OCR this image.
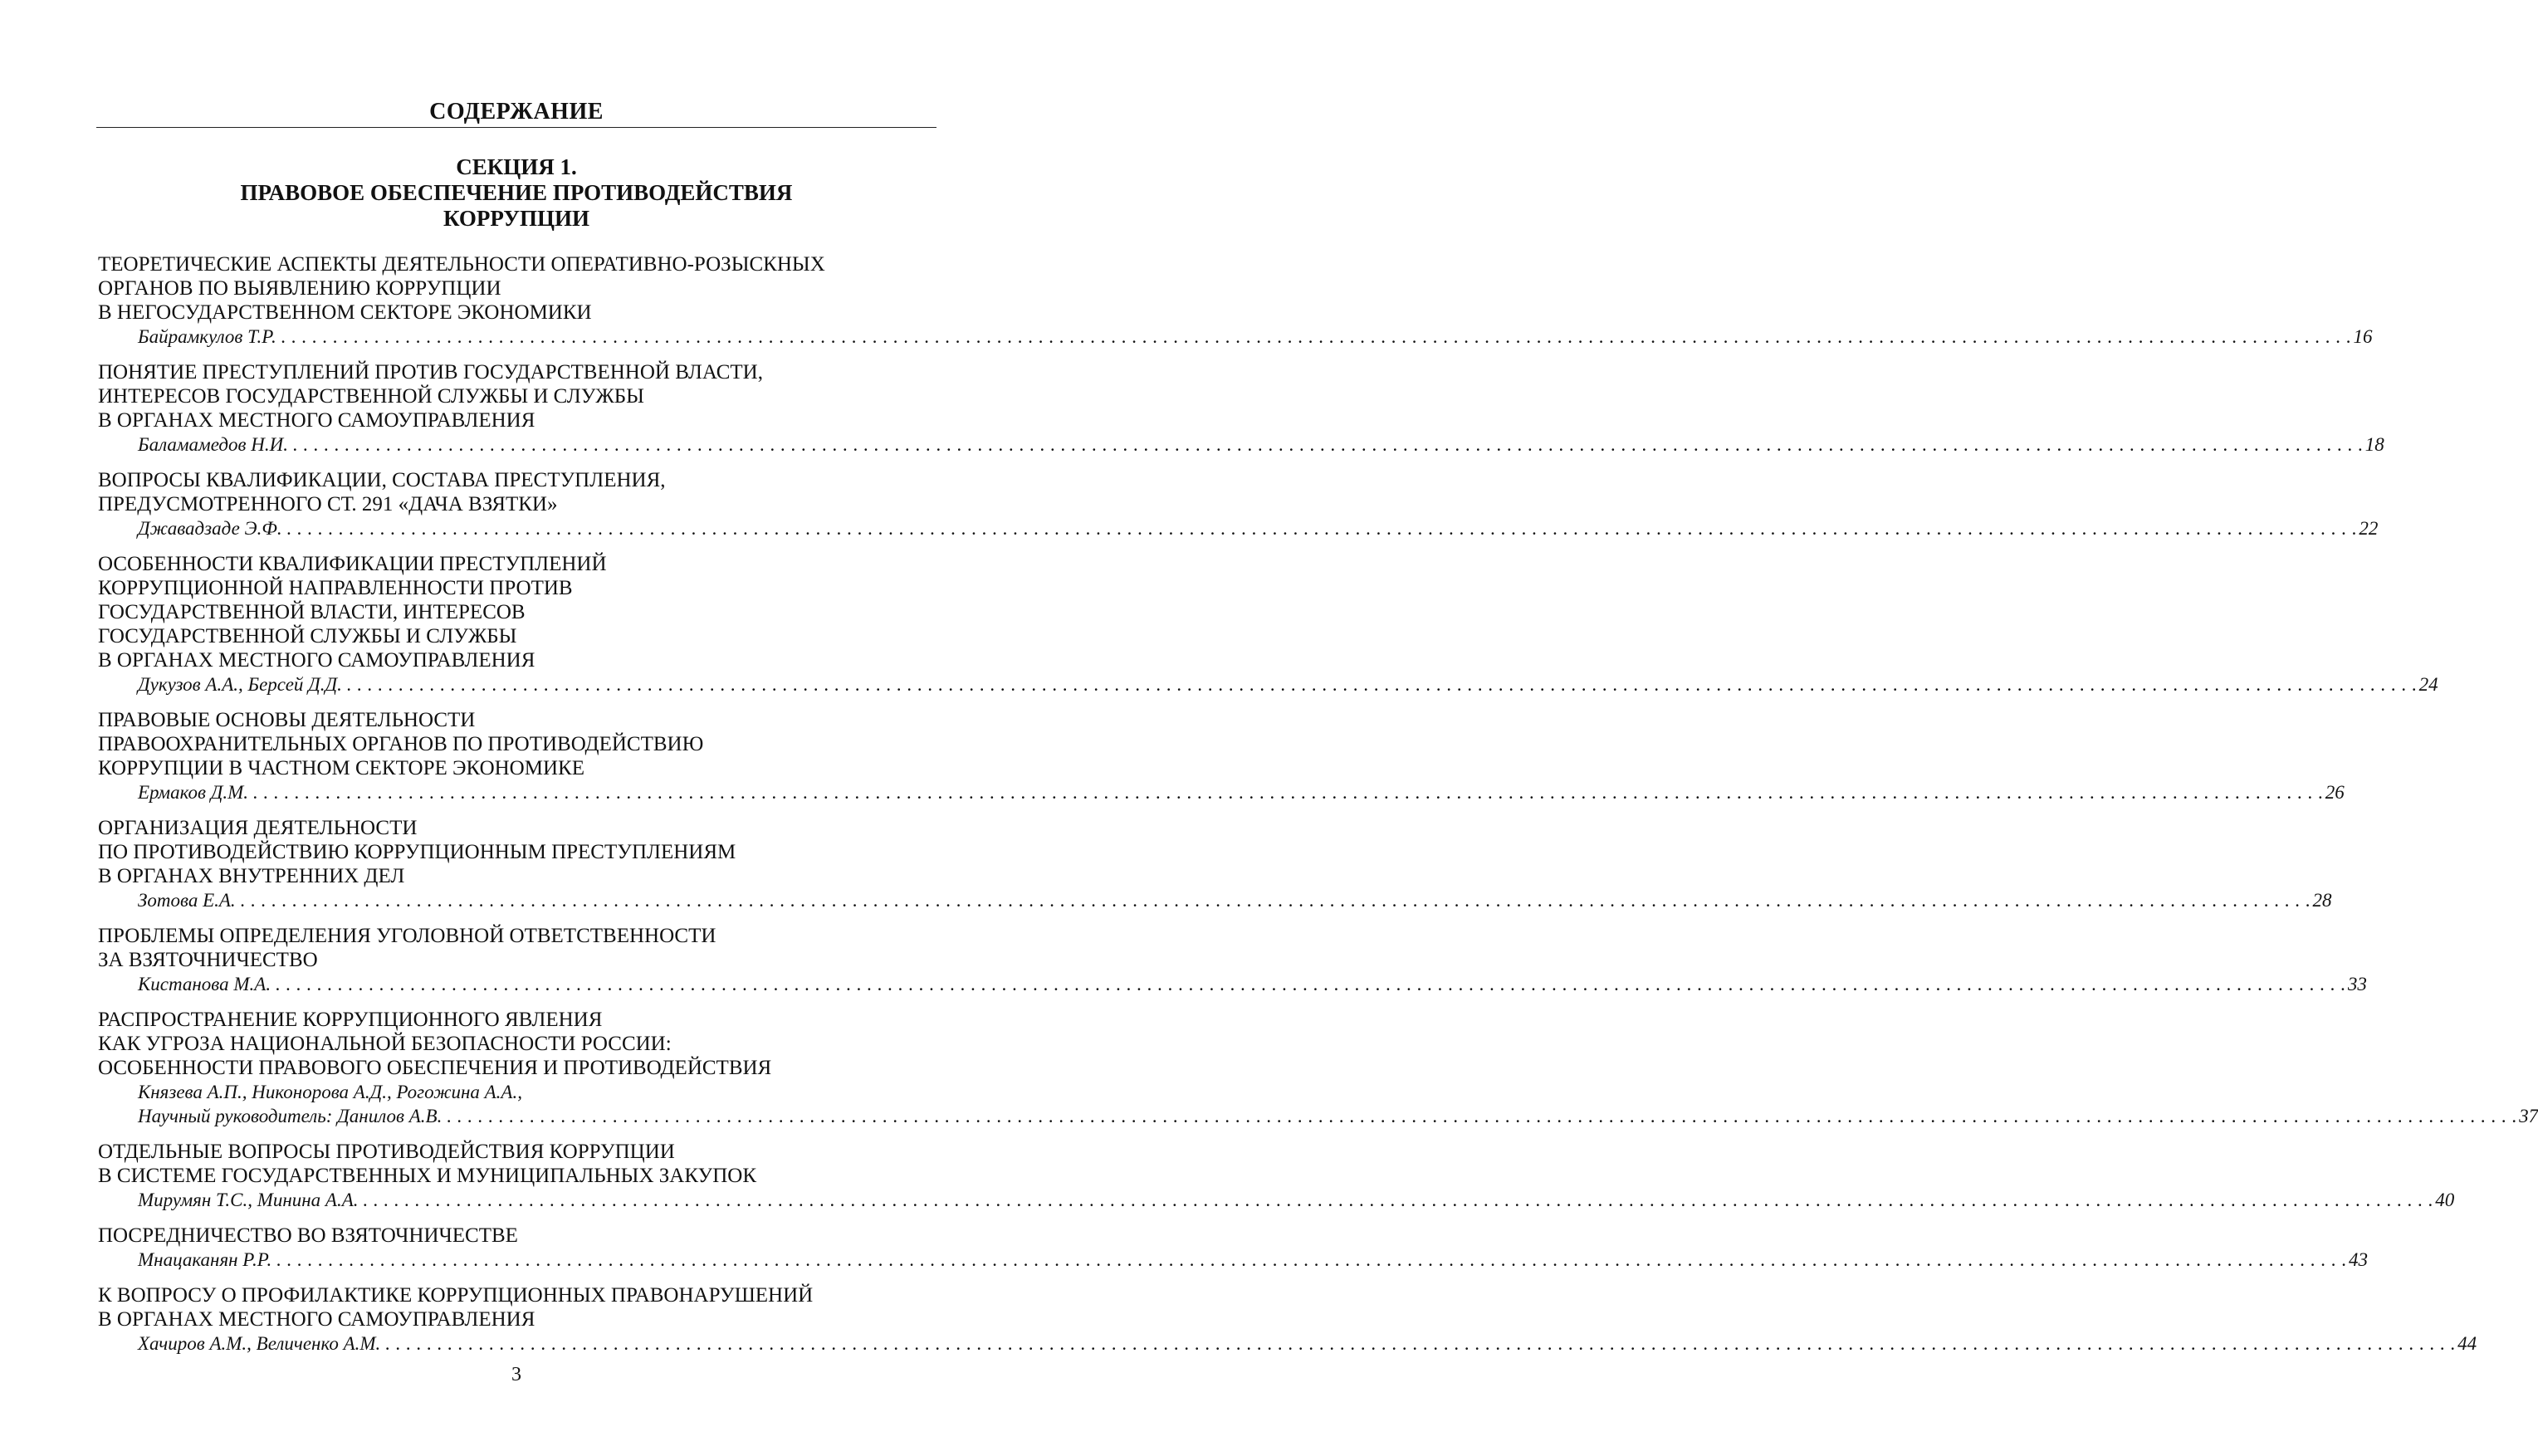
СОДЕРЖАНИЕ
СЕКЦИЯ 1.
ПРАВОВОЕ ОБЕСПЕЧЕНИЕ ПРОТИВОДЕЙСТВИЯ
КОРРУПЦИИ
ТЕОРЕТИЧЕСКИЕ АСПЕКТЫ ДЕЯТЕЛЬНОСТИ ОПЕРАТИВНО-РОЗЫСКНЫХ
ОРГАНОВ ПО ВЫЯВЛЕНИЮ КОРРУПЦИИ
В НЕГОСУДАРСТВЕННОМ СЕКТОРЕ ЭКОНОМИКИ
Байрамкулов Т.Р. . . . . . . . . . . . . . . . . . . . . . . . . . . . . . . . . . . . . . . . . . . . . . . . . . . . . . . . . . . . . . . . . . . . . . . . . . . . . . . . . . . . . . . . . . . . . . . . . . . . . . . . . . . . . . . . . . . . . . . . . . . . . . . . . . . . . . . . . . . . . . . . . . . . . . . . . . . . . . . . . . . . . . . . . . . . . . . . . . . . . . . . . . . . . . . . . . . . . . . . . 16
ПОНЯТИЕ ПРЕСТУПЛЕНИЙ ПРОТИВ ГОСУДАРСТВЕННОЙ ВЛАСТИ,
ИНТЕРЕСОВ ГОСУДАРСТВЕННОЙ СЛУЖБЫ И СЛУЖБЫ
В ОРГАНАХ МЕСТНОГО САМОУПРАВЛЕНИЯ
Баламамедов Н.И. . . . . . . . . . . . . . . . . . . . . . . . . . . . . . . . . . . . . . . . . . . . . . . . . . . . . . . . . . . . . . . . . . . . . . . . . . . . . . . . . . . . . . . . . . . . . . . . . . . . . . . . . . . . . . . . . . . . . . . . . . . . . . . . . . . . . . . . . . . . . . . . . . . . . . . . . . . . . . . . . . . . . . . . . . . . . . . . . . . . . . . . . . . . . . . . . . . . . . . . . 18
ВОПРОСЫ КВАЛИФИКАЦИИ, СОСТАВА ПРЕСТУПЛЕНИЯ,
ПРЕДУСМОТРЕННОГО СТ. 291 «ДАЧА ВЗЯТКИ»
Джавадзаде Э.Ф. . . . . . . . . . . . . . . . . . . . . . . . . . . . . . . . . . . . . . . . . . . . . . . . . . . . . . . . . . . . . . . . . . . . . . . . . . . . . . . . . . . . . . . . . . . . . . . . . . . . . . . . . . . . . . . . . . . . . . . . . . . . . . . . . . . . . . . . . . . . . . . . . . . . . . . . . . . . . . . . . . . . . . . . . . . . . . . . . . . . . . . . . . . . . . . . . . . . . . . . . 22
ОСОБЕННОСТИ КВАЛИФИКАЦИИ ПРЕСТУПЛЕНИЙ
КОРРУПЦИОННОЙ НАПРАВЛЕННОСТИ ПРОТИВ
ГОСУДАРСТВЕННОЙ ВЛАСТИ, ИНТЕРЕСОВ
ГОСУДАРСТВЕННОЙ СЛУЖБЫ И СЛУЖБЫ
В ОРГАНАХ МЕСТНОГО САМОУПРАВЛЕНИЯ
Дукузов А.А., Берсей Д.Д. . . . . . . . . . . . . . . . . . . . . . . . . . . . . . . . . . . . . . . . . . . . . . . . . . . . . . . . . . . . . . . . . . . . . . . . . . . . . . . . . . . . . . . . . . . . . . . . . . . . . . . . . . . . . . . . . . . . . . . . . . . . . . . . . . . . . . . . . . . . . . . . . . . . . . . . . . . . . . . . . . . . . . . . . . . . . . . . . . . . . . . . . . . . . . . . . . . . . . . . . 24
ПРАВОВЫЕ ОСНОВЫ ДЕЯТЕЛЬНОСТИ
ПРАВООХРАНИТЕЛЬНЫХ ОРГАНОВ ПО ПРОТИВОДЕЙСТВИЮ
КОРРУПЦИИ В ЧАСТНОМ СЕКТОРЕ ЭКОНОМИКЕ
Ермаков Д.М. . . . . . . . . . . . . . . . . . . . . . . . . . . . . . . . . . . . . . . . . . . . . . . . . . . . . . . . . . . . . . . . . . . . . . . . . . . . . . . . . . . . . . . . . . . . . . . . . . . . . . . . . . . . . . . . . . . . . . . . . . . . . . . . . . . . . . . . . . . . . . . . . . . . . . . . . . . . . . . . . . . . . . . . . . . . . . . . . . . . . . . . . . . . . . . . . . . . . . . . . 26
ОРГАНИЗАЦИЯ ДЕЯТЕЛЬНОСТИ
ПО ПРОТИВОДЕЙСТВИЮ КОРРУПЦИОННЫМ ПРЕСТУПЛЕНИЯМ
В ОРГАНАХ ВНУТРЕННИХ ДЕЛ
Зотова Е.А. . . . . . . . . . . . . . . . . . . . . . . . . . . . . . . . . . . . . . . . . . . . . . . . . . . . . . . . . . . . . . . . . . . . . . . . . . . . . . . . . . . . . . . . . . . . . . . . . . . . . . . . . . . . . . . . . . . . . . . . . . . . . . . . . . . . . . . . . . . . . . . . . . . . . . . . . . . . . . . . . . . . . . . . . . . . . . . . . . . . . . . . . . . . . . . . . . . . . . . . . 28
ПРОБЛЕМЫ ОПРЕДЕЛЕНИЯ УГОЛОВНОЙ ОТВЕТСТВЕННОСТИ
ЗА ВЗЯТОЧНИЧЕСТВО
Кистанова М.А. . . . . . . . . . . . . . . . . . . . . . . . . . . . . . . . . . . . . . . . . . . . . . . . . . . . . . . . . . . . . . . . . . . . . . . . . . . . . . . . . . . . . . . . . . . . . . . . . . . . . . . . . . . . . . . . . . . . . . . . . . . . . . . . . . . . . . . . . . . . . . . . . . . . . . . . . . . . . . . . . . . . . . . . . . . . . . . . . . . . . . . . . . . . . . . . . . . . . . . . . 33
РАСПРОСТРАНЕНИЕ КОРРУПЦИОННОГО ЯВЛЕНИЯ
КАК УГРОЗА НАЦИОНАЛЬНОЙ БЕЗОПАСНОСТИ РОССИИ:
ОСОБЕННОСТИ ПРАВОВОГО ОБЕСПЕЧЕНИЯ И ПРОТИВОДЕЙСТВИЯ
Князева А.П., Никонорова А.Д., Рогожина А.А.,
Научный руководитель: Данилов А.В. . . . . . . . . . . . . . . . . . . . . . . . . . . . . . . . . . . . . . . . . . . . . . . . . . . . . . . . . . . . . . . . . . . . . . . . . . . . . . . . . . . . . . . . . . . . . . . . . . . . . . . . . . . . . . . . . . . . . . . . . . . . . . . . . . . . . . . . . . . . . . . . . . . . . . . . . . . . . . . . . . . . . . . . . . . . . . . . . . . . . . . . . . . . . . . . . . . . . . . . . 37
ОТДЕЛЬНЫЕ ВОПРОСЫ ПРОТИВОДЕЙСТВИЯ КОРРУПЦИИ
В СИСТЕМЕ ГОСУДАРСТВЕННЫХ И МУНИЦИПАЛЬНЫХ ЗАКУПОК
Мирумян Т.С., Минина А.А. . . . . . . . . . . . . . . . . . . . . . . . . . . . . . . . . . . . . . . . . . . . . . . . . . . . . . . . . . . . . . . . . . . . . . . . . . . . . . . . . . . . . . . . . . . . . . . . . . . . . . . . . . . . . . . . . . . . . . . . . . . . . . . . . . . . . . . . . . . . . . . . . . . . . . . . . . . . . . . . . . . . . . . . . . . . . . . . . . . . . . . . . . . . . . . . . . . . . . . . . 40
ПОСРЕДНИЧЕСТВО ВО ВЗЯТОЧНИЧЕСТВЕ
Мнацаканян Р.Р. . . . . . . . . . . . . . . . . . . . . . . . . . . . . . . . . . . . . . . . . . . . . . . . . . . . . . . . . . . . . . . . . . . . . . . . . . . . . . . . . . . . . . . . . . . . . . . . . . . . . . . . . . . . . . . . . . . . . . . . . . . . . . . . . . . . . . . . . . . . . . . . . . . . . . . . . . . . . . . . . . . . . . . . . . . . . . . . . . . . . . . . . . . . . . . . . . . . . . . . . 43
К ВОПРОСУ О ПРОФИЛАКТИКЕ КОРРУПЦИОННЫХ ПРАВОНАРУШЕНИЙ
В ОРГАНАХ МЕСТНОГО САМОУПРАВЛЕНИЯ
Хачиров А.М., Величенко А.М. . . . . . . . . . . . . . . . . . . . . . . . . . . . . . . . . . . . . . . . . . . . . . . . . . . . . . . . . . . . . . . . . . . . . . . . . . . . . . . . . . . . . . . . . . . . . . . . . . . . . . . . . . . . . . . . . . . . . . . . . . . . . . . . . . . . . . . . . . . . . . . . . . . . . . . . . . . . . . . . . . . . . . . . . . . . . . . . . . . . . . . . . . . . . . . . . . . . . . . . . 44
3
